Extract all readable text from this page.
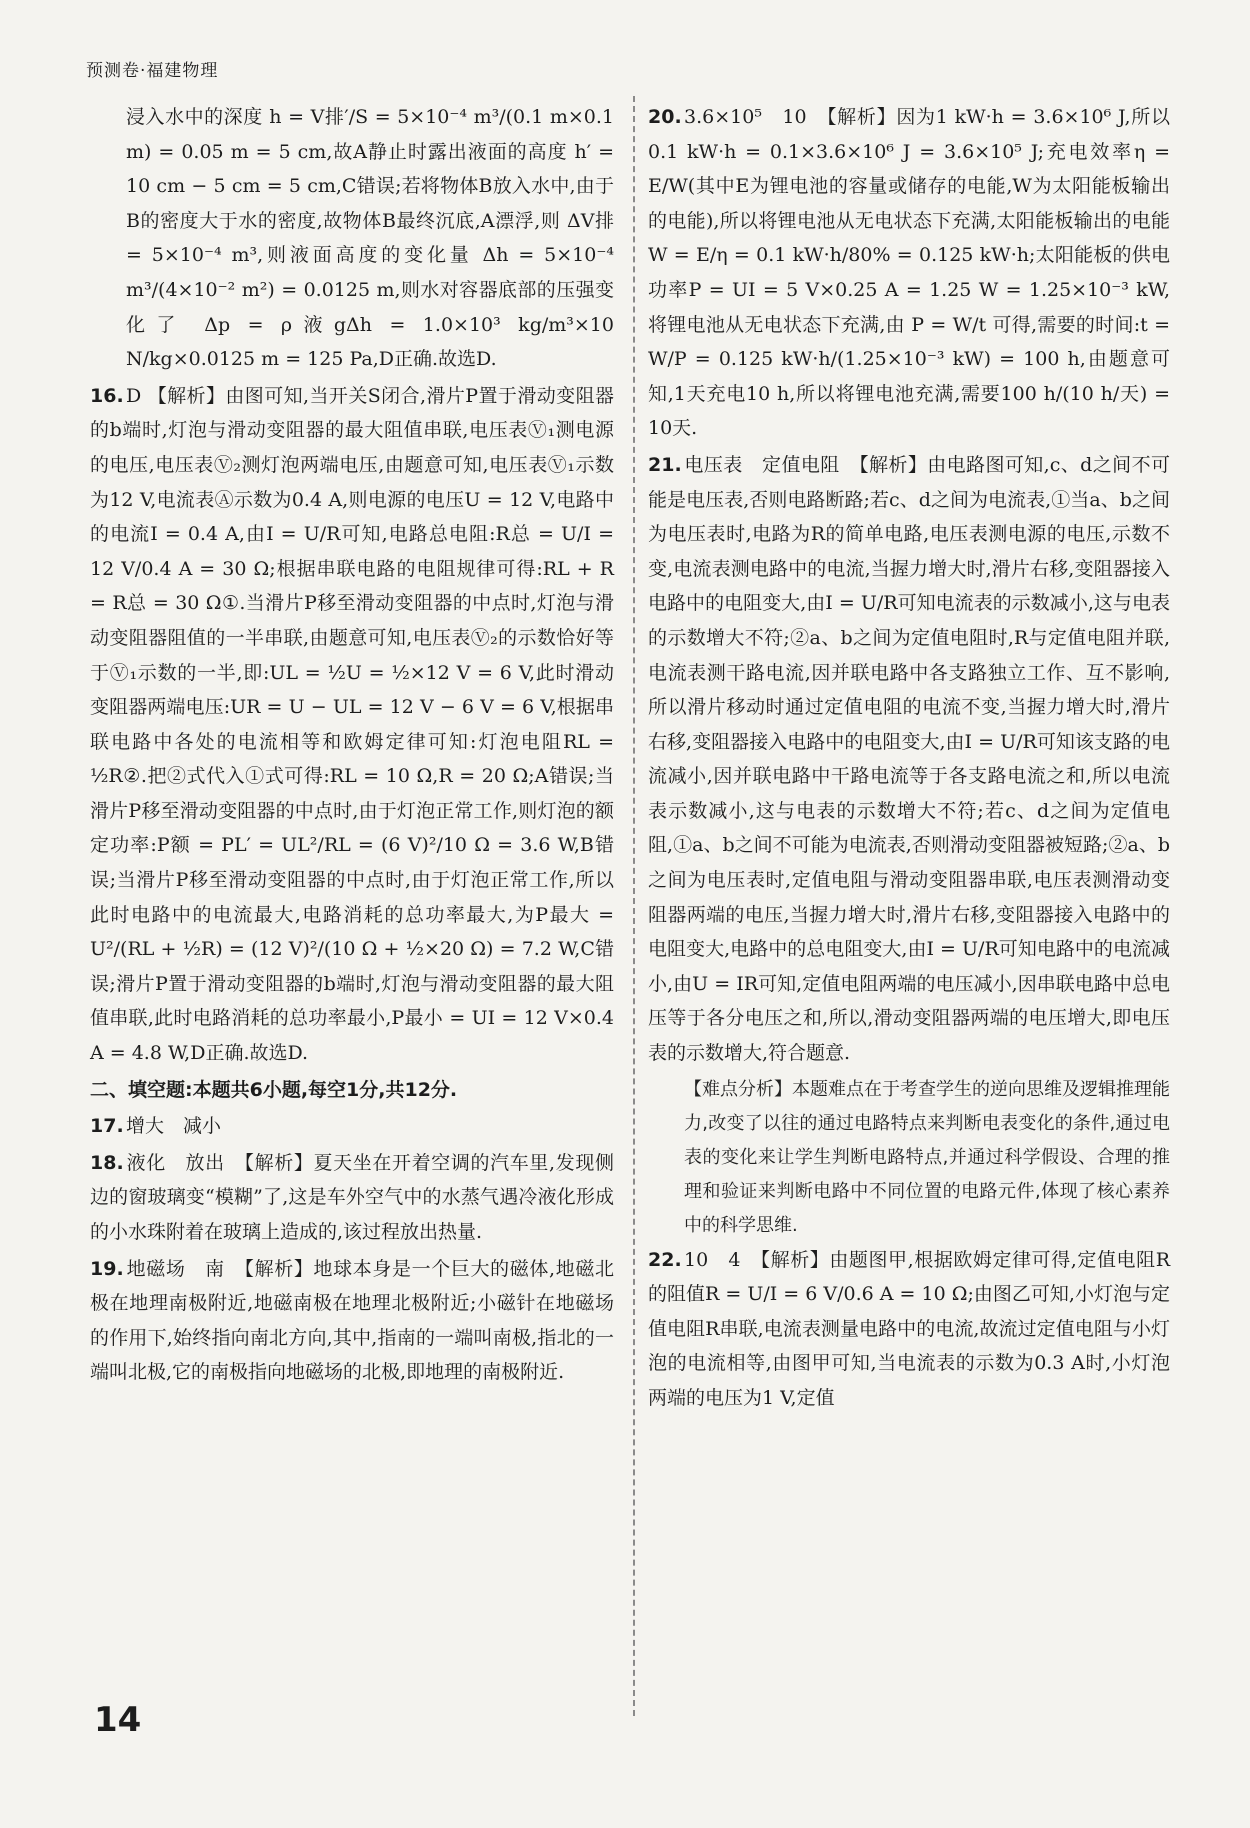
预测卷·福建物理
浸入水中的深度 h = V排′/S = 5×10⁻⁴ m³/(0.1 m×0.1 m) = 0.05 m = 5 cm,故A静止时露出液面的高度 h′ = 10 cm − 5 cm = 5 cm,C错误;若将物体B放入水中,由于B的密度大于水的密度,故物体B最终沉底,A漂浮,则 ΔV排 = 5×10⁻⁴ m³,则液面高度的变化量 Δh = 5×10⁻⁴ m³/(4×10⁻² m²) = 0.0125 m,则水对容器底部的压强变化了 Δp = ρ液gΔh = 1.0×10³ kg/m³×10 N/kg×0.0125 m = 125 Pa,D正确.故选D.
16. D 【解析】由图可知,当开关S闭合,滑片P置于滑动变阻器的b端时,灯泡与滑动变阻器的最大阻值串联,电压表Ⓥ₁测电源的电压,电压表Ⓥ₂测灯泡两端电压,由题意可知,电压表Ⓥ₁示数为12 V,电流表Ⓐ示数为0.4 A,则电源的电压U = 12 V,电路中的电流I = 0.4 A,由I = U/R可知,电路总电阻:R总 = U/I = 12 V/0.4 A = 30 Ω;根据串联电路的电阻规律可得:RL + R = R总 = 30 Ω①.当滑片P移至滑动变阻器的中点时,灯泡与滑动变阻器阻值的一半串联,由题意可知,电压表Ⓥ₂的示数恰好等于Ⓥ₁示数的一半,即:UL = ½U = ½×12 V = 6 V,此时滑动变阻器两端电压:UR = U − UL = 12 V − 6 V = 6 V,根据串联电路中各处的电流相等和欧姆定律可知:灯泡电阻RL = ½R②.把②式代入①式可得:RL = 10 Ω,R = 20 Ω;A错误;当滑片P移至滑动变阻器的中点时,由于灯泡正常工作,则灯泡的额定功率:P额 = PL′ = UL²/RL = (6 V)²/10 Ω = 3.6 W,B错误;当滑片P移至滑动变阻器的中点时,由于灯泡正常工作,所以此时电路中的电流最大,电路消耗的总功率最大,为P最大 = U²/(RL + ½R) = (12 V)²/(10 Ω + ½×20 Ω) = 7.2 W,C错误;滑片P置于滑动变阻器的b端时,灯泡与滑动变阻器的最大阻值串联,此时电路消耗的总功率最小,P最小 = UI = 12 V×0.4 A = 4.8 W,D正确.故选D.
二、填空题:本题共6小题,每空1分,共12分.
17. 增大　减小
18. 液化　放出　【解析】夏天坐在开着空调的汽车里,发现侧边的窗玻璃变“模糊”了,这是车外空气中的水蒸气遇冷液化形成的小水珠附着在玻璃上造成的,该过程放出热量.
19. 地磁场　南　【解析】地球本身是一个巨大的磁体,地磁北极在地理南极附近,地磁南极在地理北极附近;小磁针在地磁场的作用下,始终指向南北方向,其中,指南的一端叫南极,指北的一端叫北极,它的南极指向地磁场的北极,即地理的南极附近.
20. 3.6×10⁵　10　【解析】因为1 kW·h = 3.6×10⁶ J,所以0.1 kW·h = 0.1×3.6×10⁶ J = 3.6×10⁵ J;充电效率η = E/W(其中E为锂电池的容量或储存的电能,W为太阳能板输出的电能),所以将锂电池从无电状态下充满,太阳能板输出的电能 W = E/η = 0.1 kW·h/80% = 0.125 kW·h;太阳能板的供电功率P = UI = 5 V×0.25 A = 1.25 W = 1.25×10⁻³ kW,将锂电池从无电状态下充满,由 P = W/t 可得,需要的时间:t = W/P = 0.125 kW·h/(1.25×10⁻³ kW) = 100 h,由题意可知,1天充电10 h,所以将锂电池充满,需要100 h/(10 h/天) = 10天.
21. 电压表　定值电阻　【解析】由电路图可知,c、d之间不可能是电压表,否则电路断路;若c、d之间为电流表,①当a、b之间为电压表时,电路为R的简单电路,电压表测电源的电压,示数不变,电流表测电路中的电流,当握力增大时,滑片右移,变阻器接入电路中的电阻变大,由I = U/R可知电流表的示数减小,这与电表的示数增大不符;②a、b之间为定值电阻时,R与定值电阻并联,电流表测干路电流,因并联电路中各支路独立工作、互不影响,所以滑片移动时通过定值电阻的电流不变,当握力增大时,滑片右移,变阻器接入电路中的电阻变大,由I = U/R可知该支路的电流减小,因并联电路中干路电流等于各支路电流之和,所以电流表示数减小,这与电表的示数增大不符;若c、d之间为定值电阻,①a、b之间不可能为电流表,否则滑动变阻器被短路;②a、b之间为电压表时,定值电阻与滑动变阻器串联,电压表测滑动变阻器两端的电压,当握力增大时,滑片右移,变阻器接入电路中的电阻变大,电路中的总电阻变大,由I = U/R可知电路中的电流减小,由U = IR可知,定值电阻两端的电压减小,因串联电路中总电压等于各分电压之和,所以,滑动变阻器两端的电压增大,即电压表的示数增大,符合题意.
【难点分析】本题难点在于考查学生的逆向思维及逻辑推理能力,改变了以往的通过电路特点来判断电表变化的条件,通过电表的变化来让学生判断电路特点,并通过科学假设、合理的推理和验证来判断电路中不同位置的电路元件,体现了核心素养中的科学思维.
22. 10　4　【解析】由题图甲,根据欧姆定律可得,定值电阻R的阻值R = U/I = 6 V/0.6 A = 10 Ω;由图乙可知,小灯泡与定值电阻R串联,电流表测量电路中的电流,故流过定值电阻与小灯泡的电流相等,由图甲可知,当电流表的示数为0.3 A时,小灯泡两端的电压为1 V,定值
14
